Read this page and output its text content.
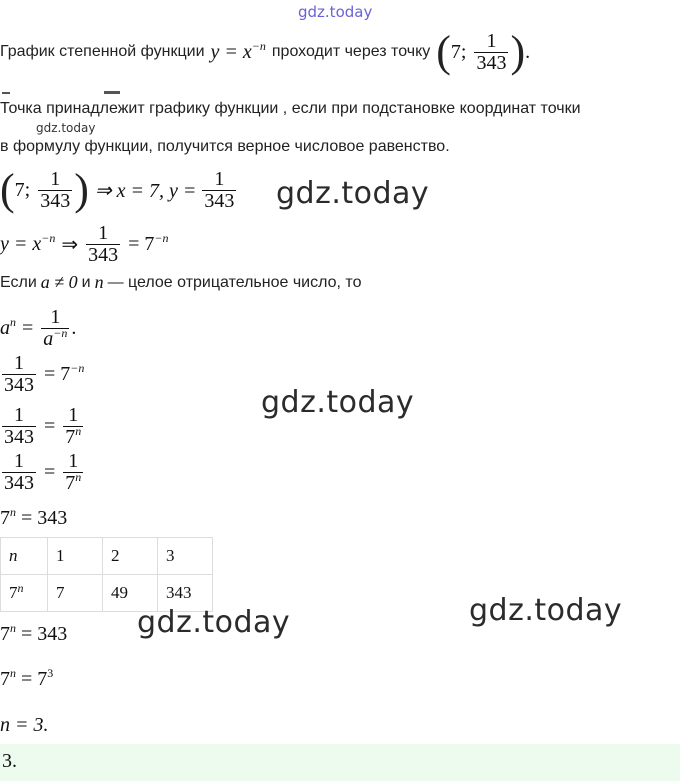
gdz.today
График степенной функции $y = x^{-n}$ проходит через точку ( 7; $\frac{1}{343}$ ) .
Точка принадлежит графику функции , если при подстановке координат точки
gdz.today
в формулу функции, получится верное числовое равенство.
( 7; $\frac{1}{343}$ ) ⇒ x = 7, $y = \frac{1}{343}$ gdz.today
$y = x^{-n}$ ⇒ $\frac{1}{343} = 7^{-n}$
Если a ≠ 0 и n — целое отрицательное число, то
$a^n = \frac{1}{a^{-n}}$ .
$\frac{1}{343} = 7^{-n}$
gdz.today
$\frac{1}{343} = \frac{1}{7^n}$
$\frac{1}{343} = \frac{1}{7^n}$
$7^n = 343$
n	1	2	3
7$^n$	7	49	343
gdz.today
gdz.today
$7^n = 343$
$7^n = 7^3$
n = 3.
3.
